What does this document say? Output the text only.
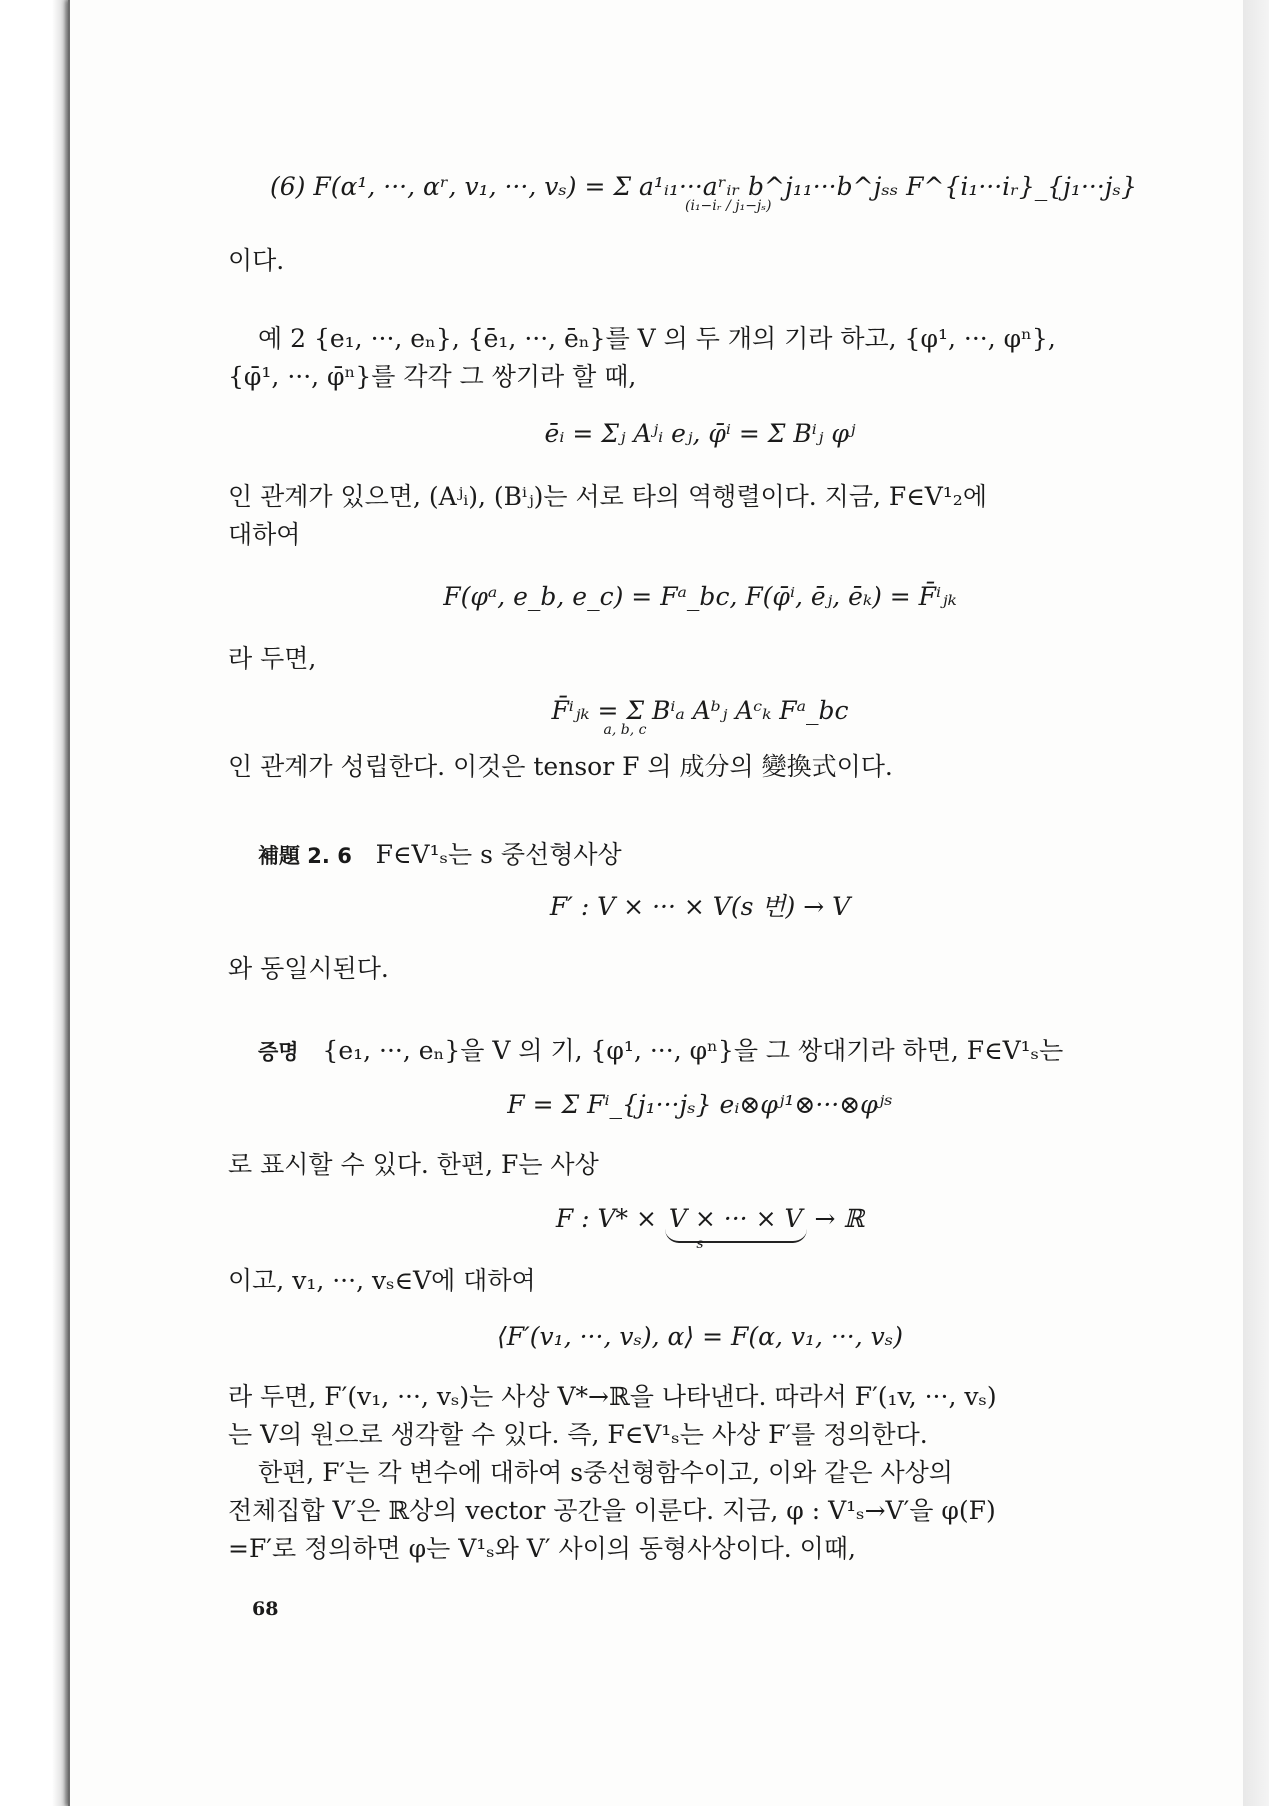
(6) F(α¹, ···, αʳ, v₁, ···, vₛ) = Σ a¹ᵢ₁···aʳᵢᵣ b^j₁₁···b^jₛₛ F^{i₁···iᵣ}_{j₁···jₛ}
(i₁−iᵣ / j₁−jₛ)
이다.
예 2 {e₁, ···, eₙ}, {ē₁, ···, ēₙ}를 V 의 두 개의 기라 하고, {φ¹, ···, φⁿ},
{φ̄¹, ···, φ̄ⁿ}를 각각 그 쌍기라 할 때,
ēᵢ = Σⱼ Aʲᵢ eⱼ, φ̄ⁱ = Σ Bⁱⱼ φʲ
인 관계가 있으면, (Aʲᵢ), (Bⁱⱼ)는 서로 타의 역행렬이다. 지금, F∈V¹₂에
대하여
F(φᵃ, e_b, e_c) = Fᵃ_bc, F(φ̄ⁱ, ēⱼ, ēₖ) = F̄ⁱⱼₖ
라 두면,
F̄ⁱⱼₖ = Σ Bⁱₐ Aᵇⱼ Aᶜₖ Fᵃ_bc
a, b, c
인 관계가 성립한다. 이것은 tensor F 의 成分의 變換式이다.
補題 2. 6 F∈V¹ₛ는 s 중선형사상
F′ : V × ··· × V(s 번) → V
와 동일시된다.
증명 {e₁, ···, eₙ}을 V 의 기, {φ¹, ···, φⁿ}을 그 쌍대기라 하면, F∈V¹ₛ는
F = Σ Fⁱ_{j₁···jₛ} eᵢ⊗φʲ¹⊗···⊗φʲˢ
로 표시할 수 있다. 한편, F는 사상
F : V* × V × ··· × V → ℝ
s
이고, v₁, ···, vₛ∈V에 대하여
⟨F′(v₁, ···, vₛ), α⟩ = F(α, v₁, ···, vₛ)
라 두면, F′(v₁, ···, vₛ)는 사상 V*→ℝ을 나타낸다. 따라서 F′(₁v, ···, vₛ)
는 V의 원으로 생각할 수 있다. 즉, F∈V¹ₛ는 사상 F′를 정의한다.
한편, F′는 각 변수에 대하여 s중선형함수이고, 이와 같은 사상의
전체집합 V′은 ℝ상의 vector 공간을 이룬다. 지금, φ : V¹ₛ→V′을 φ(F)
=F′로 정의하면 φ는 V¹ₛ와 V′ 사이의 동형사상이다. 이때,
68
